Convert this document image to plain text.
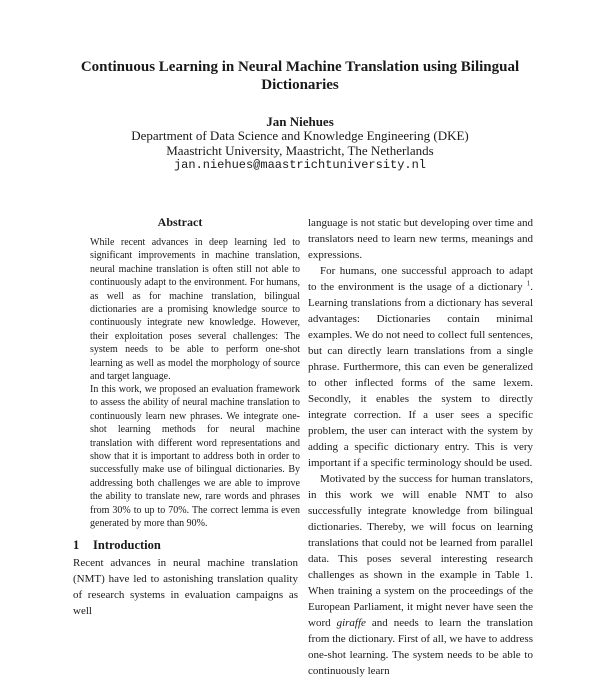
Continuous Learning in Neural Machine Translation using Bilingual
Dictionaries
Jan Niehues
Department of Data Science and Knowledge Engineering (DKE)
Maastricht University, Maastricht, The Netherlands
jan.niehues@maastrichtuniversity.nl
Abstract
While recent advances in deep learning led to significant improvements in machine translation, neural machine translation is often still not able to continuously adapt to the environment. For humans, as well as for machine translation, bilingual dictionaries are a promising knowledge source to continuously integrate new knowledge. However, their exploitation poses several challenges: The system needs to be able to perform one-shot learning as well as model the morphology of source and target language.
In this work, we proposed an evaluation framework to assess the ability of neural machine translation to continuously learn new phrases. We integrate one-shot learning methods for neural machine translation with different word representations and show that it is important to address both in order to successfully make use of bilingual dictionaries. By addressing both challenges we are able to improve the ability to translate new, rare words and phrases from 30% to up to 70%. The correct lemma is even generated by more than 90%.
1 Introduction
Recent advances in neural machine translation (NMT) have led to astonishing translation quality of research systems in evaluation campaigns as well

language is not static but developing over time and translators need to learn new terms, meanings and expressions.

For humans, one successful approach to adapt to the environment is the usage of a dictionary $^1$. Learning translations from a dictionary has several advantages: Dictionaries contain minimal examples. We do not need to collect full sentences, but can directly learn translations from a single phrase. Furthermore, this can even be generalized to other inflected forms of the same lexem. Secondly, it enables the system to directly integrate correction. If a user sees a specific problem, the user can interact with the system by adding a specific dictionary entry. This is very important if a specific terminology should be used.

Motivated by the success for human translators, in this work we will enable NMT to also successfully integrate knowledge from bilingual dictionaries. Thereby, we will focus on learning translations that could not be learned from parallel data. This poses several interesting research challenges as shown in the example in Table 1. When training a system on the proceedings of the European Parliament, it might never have seen the word giraffe and needs to learn the translation from the dictionary. First of all, we have to address one-shot learning. The system needs to be able to continuously learn
